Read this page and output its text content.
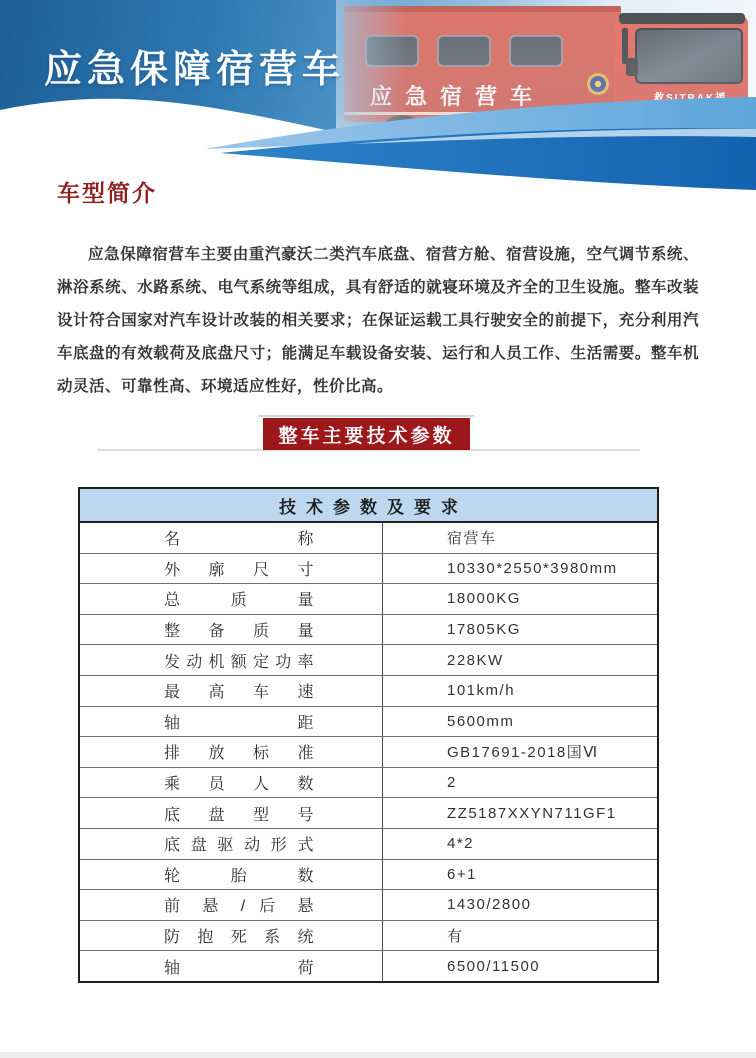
应急保障宿营车
车型简介
应急保障宿营车主要由重汽豪沃二类汽车底盘、宿营方舱、宿营设施，空气调节系统、淋浴系统、水路系统、电气系统等组成，具有舒适的就寝环境及齐全的卫生设施。整车改装设计符合国家对汽车设计改装的相关要求；在保证运载工具行驶安全的前提下，充分利用汽车底盘的有效载荷及底盘尺寸；能满足车载设备安装、运行和人员工作、生活需要。整车机动灵活、可靠性高、环境适应性好，性价比高。
整车主要技术参数
技术参数及要求
名 称	宿营车
外 廓 尺 寸	10330*2550*3980mm
总 质 量	18000KG
整 备 质 量	17805KG
发动机额定功率	228KW
最 高 车 速	101km/h
轴 距	5600mm
排 放 标 准	GB17691-2018国Ⅵ
乘 员 人 数	2
底 盘 型 号	ZZ5187XXYN711GF1
底盘驱动形式	4*2
轮 胎 数	6+1
前 悬 / 后 悬	1430/2800
防 抱 死 系 统	有
轴 荷	6500/11500
